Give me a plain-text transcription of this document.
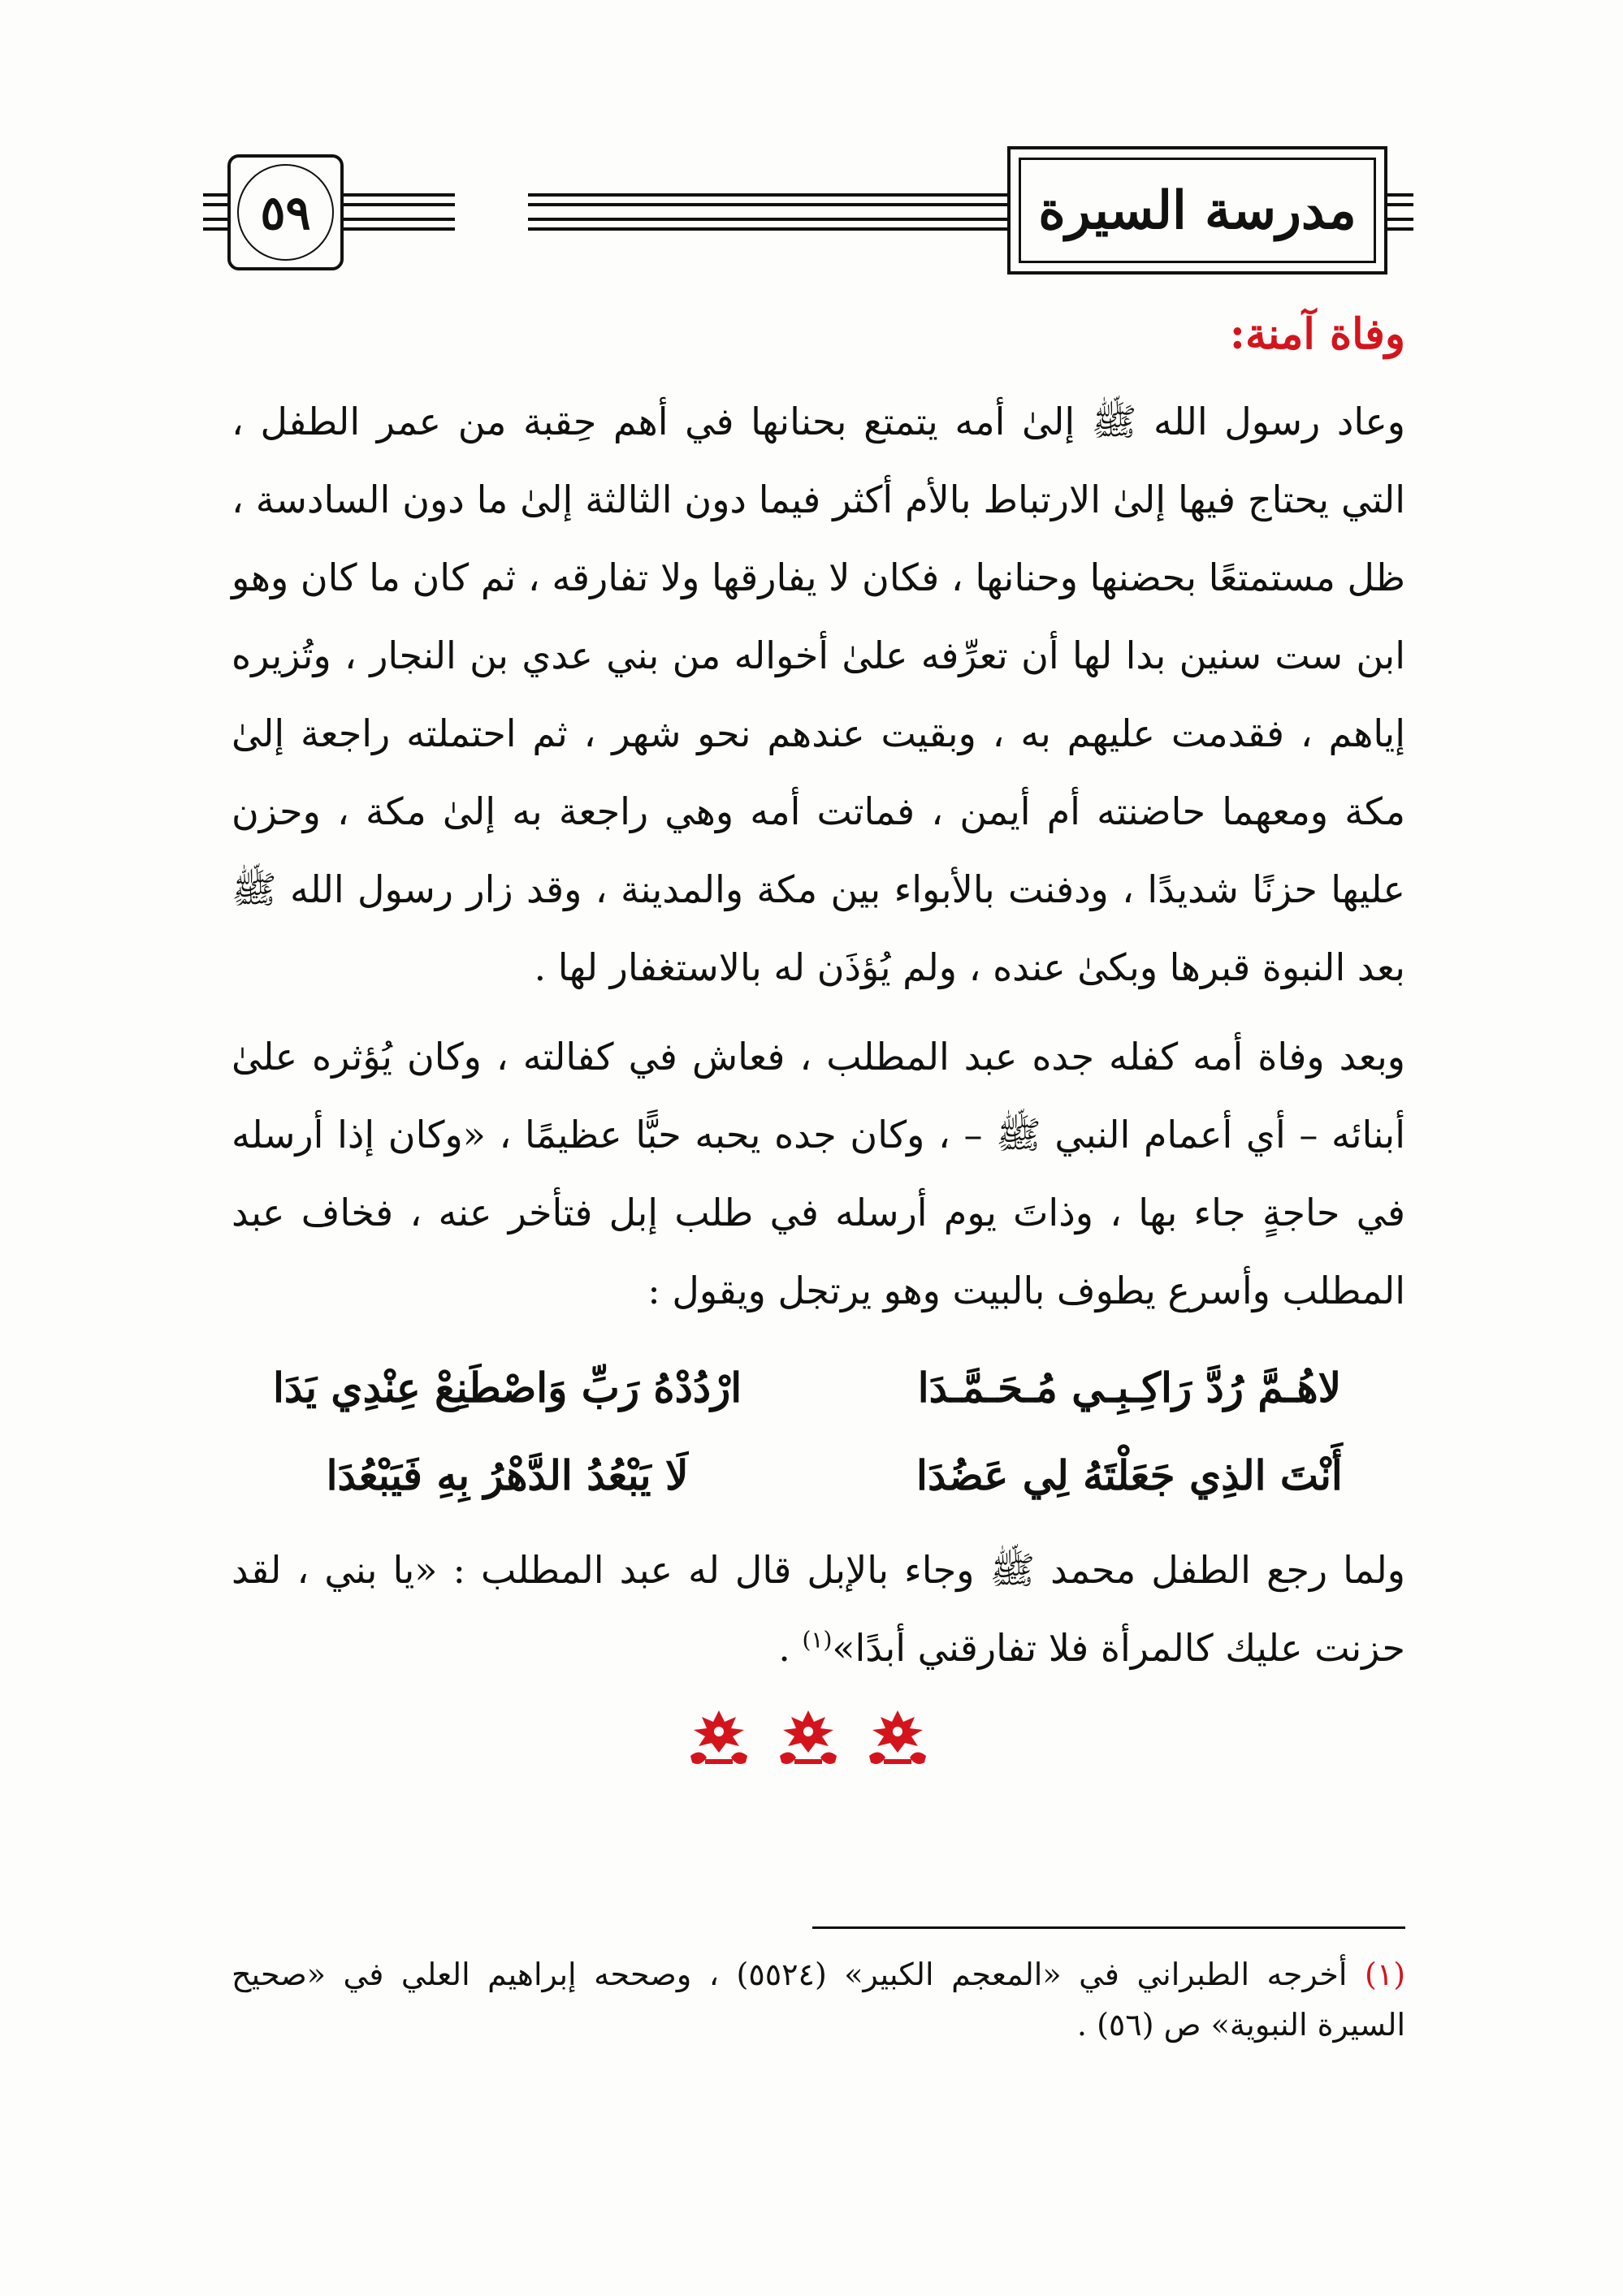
٥٩	مدرسة السيرة
وفاة آمنة:

وعاد رسول الله ﷺ إلىٰ أمه يتمتع بحنانها في أهم حِقبة من عمر الطفل ، التي يحتاج فيها إلىٰ الارتباط بالأم أكثر فيما دون الثالثة إلىٰ ما دون السادسة ، ظل مستمتعًا بحضنها وحنانها ، فكان لا يفارقها ولا تفارقه ، ثم كان ما كان وهو ابن ست سنين بدا لها أن تعرِّفه علىٰ أخواله من بني عدي بن النجار ، وتُزيره إياهم ، فقدمت عليهم به ، وبقيت عندهم نحو شهر ، ثم احتملته راجعة إلىٰ مكة ومعهما حاضنته أم أيمن ، فماتت أمه وهي راجعة به إلىٰ مكة ، وحزن عليها حزنًا شديدًا ، ودفنت بالأبواء بين مكة والمدينة ، وقد زار رسول الله ﷺ بعد النبوة قبرها وبكىٰ عنده ، ولم يُؤذَن له بالاستغفار لها .

وبعد وفاة أمه كفله جده عبد المطلب ، فعاش في كفالته ، وكان يُؤثره علىٰ أبنائه – أي أعمام النبي ﷺ – ، وكان جده يحبه حبًّا عظيمًا ، «وكان إذا أرسله في حاجةٍ جاء بها ، وذاتَ يوم أرسله في طلب إبل فتأخر عنه ، فخاف عبد المطلب وأسرع يطوف بالبيت وهو يرتجل ويقول :

لاهُـمَّ رُدَّ رَاكِـبِـي مُـحَـمَّـدَا
ارْدُدْهُ رَبِّ وَاصْطَنِعْ عِنْدِي يَدَا
أَنْتَ الذِي جَعَلْتَهُ لِي عَضُدَا
لَا يَبْعُدُ الدَّهْرُ بِهِ فَيَبْعُدَا

ولما رجع الطفل محمد ﷺ وجاء بالإبل قال له عبد المطلب : «يا بني ، لقد حزنت عليك كالمرأة فلا تفارقني أبدًا»$^{(١)}$ .

(١) أخرجه الطبراني في «المعجم الكبير» (٥٥٢٤) ، وصححه إبراهيم العلي في «صحيح السيرة النبوية» ص (٥٦) .
